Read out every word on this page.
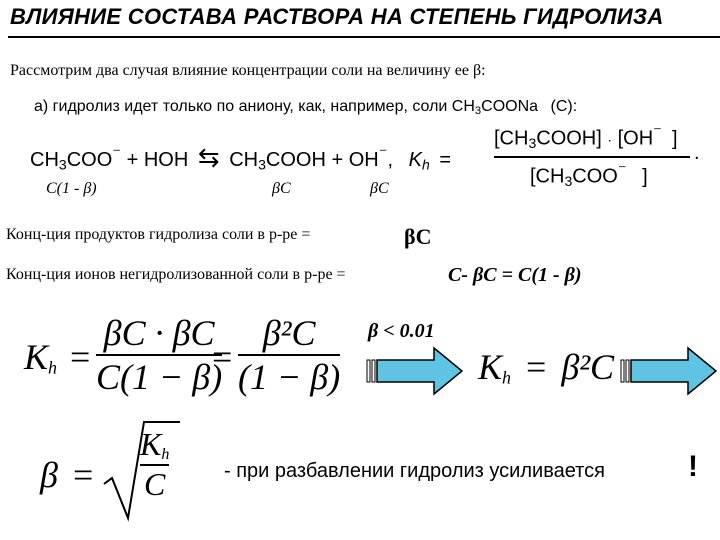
ВЛИЯНИЕ СОСТАВА РАСТВОРА НА СТЕПЕНЬ ГИДРОЛИЗА
Рассмотрим два случая влияние концентрации соли на величину ее β:
а) гидролиз идет только по аниону, как, например, соли $CH_3COONa$ (C):
$CH_3COO^{^-}$ + HOH ⇆ $CH_3COOH + OH^{^-}$, $K_h$ =
$[CH_3COOH] \cdot [OH^{^-}$ ]
[$CH_3COO^{^-}$ ]
.
C(1 - β)	βC	βC
Конц-ция продуктов гидролиза соли в р-ре =	βC
Конц-ция ионов негидролизованной соли в р-ре =	C- βC = C(1 - β)
$K_h$ =
βC · βC
C(1 − β)
=
β²C
(1 − β)
β < 0.01
$K_h = \beta^2C$
β =
$K_h$
C	- при разбавлении гидролиз усиливается	!
